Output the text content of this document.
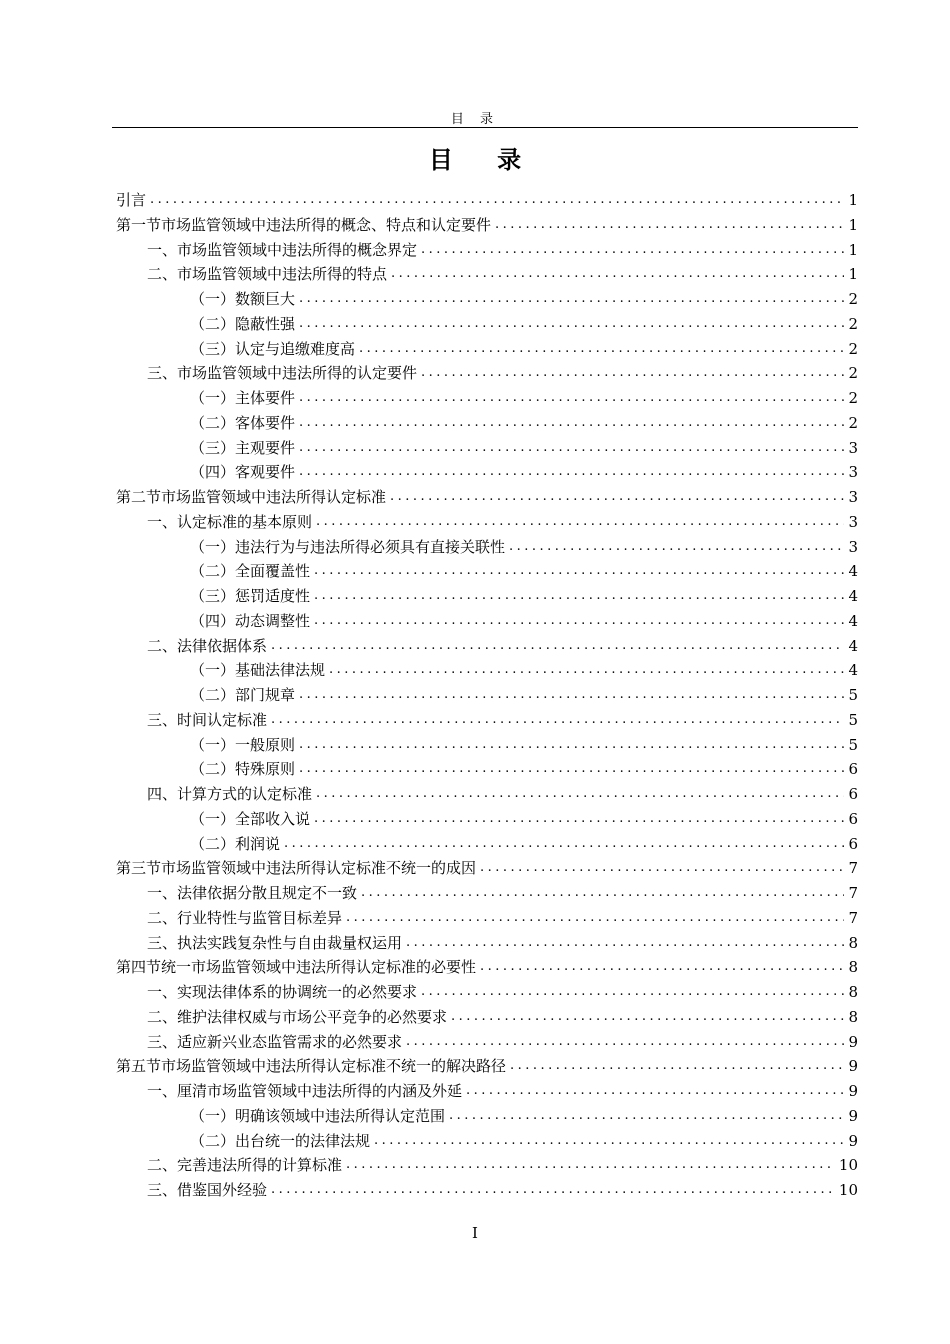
目 录
目 录
引言 .....	1
第一节市场监管领域中违法所得的概念、特点和认定要件 .....	1
一、市场监管领域中违法所得的概念界定 .....	1
二、市场监管领域中违法所得的特点 .....	1
（一）数额巨大 .....	2
（二）隐蔽性强 .....	2
（三）认定与追缴难度高 .....	2
三、市场监管领域中违法所得的认定要件 .....	2
（一）主体要件 .....	2
（二）客体要件 .....	2
（三）主观要件 .....	3
（四）客观要件 .....	3
第二节市场监管领域中违法所得认定标准 .....	3
一、认定标准的基本原则 .....	3
（一）违法行为与违法所得必须具有直接关联性 .....	3
（二）全面覆盖性 .....	4
（三）惩罚适度性 .....	4
（四）动态调整性 .....	4
二、法律依据体系 .....	4
（一）基础法律法规 .....	4
（二）部门规章 .....	5
三、时间认定标准 .....	5
（一）一般原则 .....	5
（二）特殊原则 .....	6
四、计算方式的认定标准 .....	6
（一）全部收入说 .....	6
（二）利润说 .....	6
第三节市场监管领域中违法所得认定标准不统一的成因 .....	7
一、法律依据分散且规定不一致 .....	7
二、行业特性与监管目标差异 .....	7
三、执法实践复杂性与自由裁量权运用 .....	8
第四节统一市场监管领域中违法所得认定标准的必要性 .....	8
一、实现法律体系的协调统一的必然要求 .....	8
二、维护法律权威与市场公平竞争的必然要求 .....	8
三、适应新兴业态监管需求的必然要求 .....	9
第五节市场监管领域中违法所得认定标准不统一的解决路径 .....	9
一、厘清市场监管领域中违法所得的内涵及外延 .....	9
（一）明确该领域中违法所得认定范围 .....	9
（二）出台统一的法律法规 .....	9
二、完善违法所得的计算标准 .....	10
三、借鉴国外经验 .....	10
I
